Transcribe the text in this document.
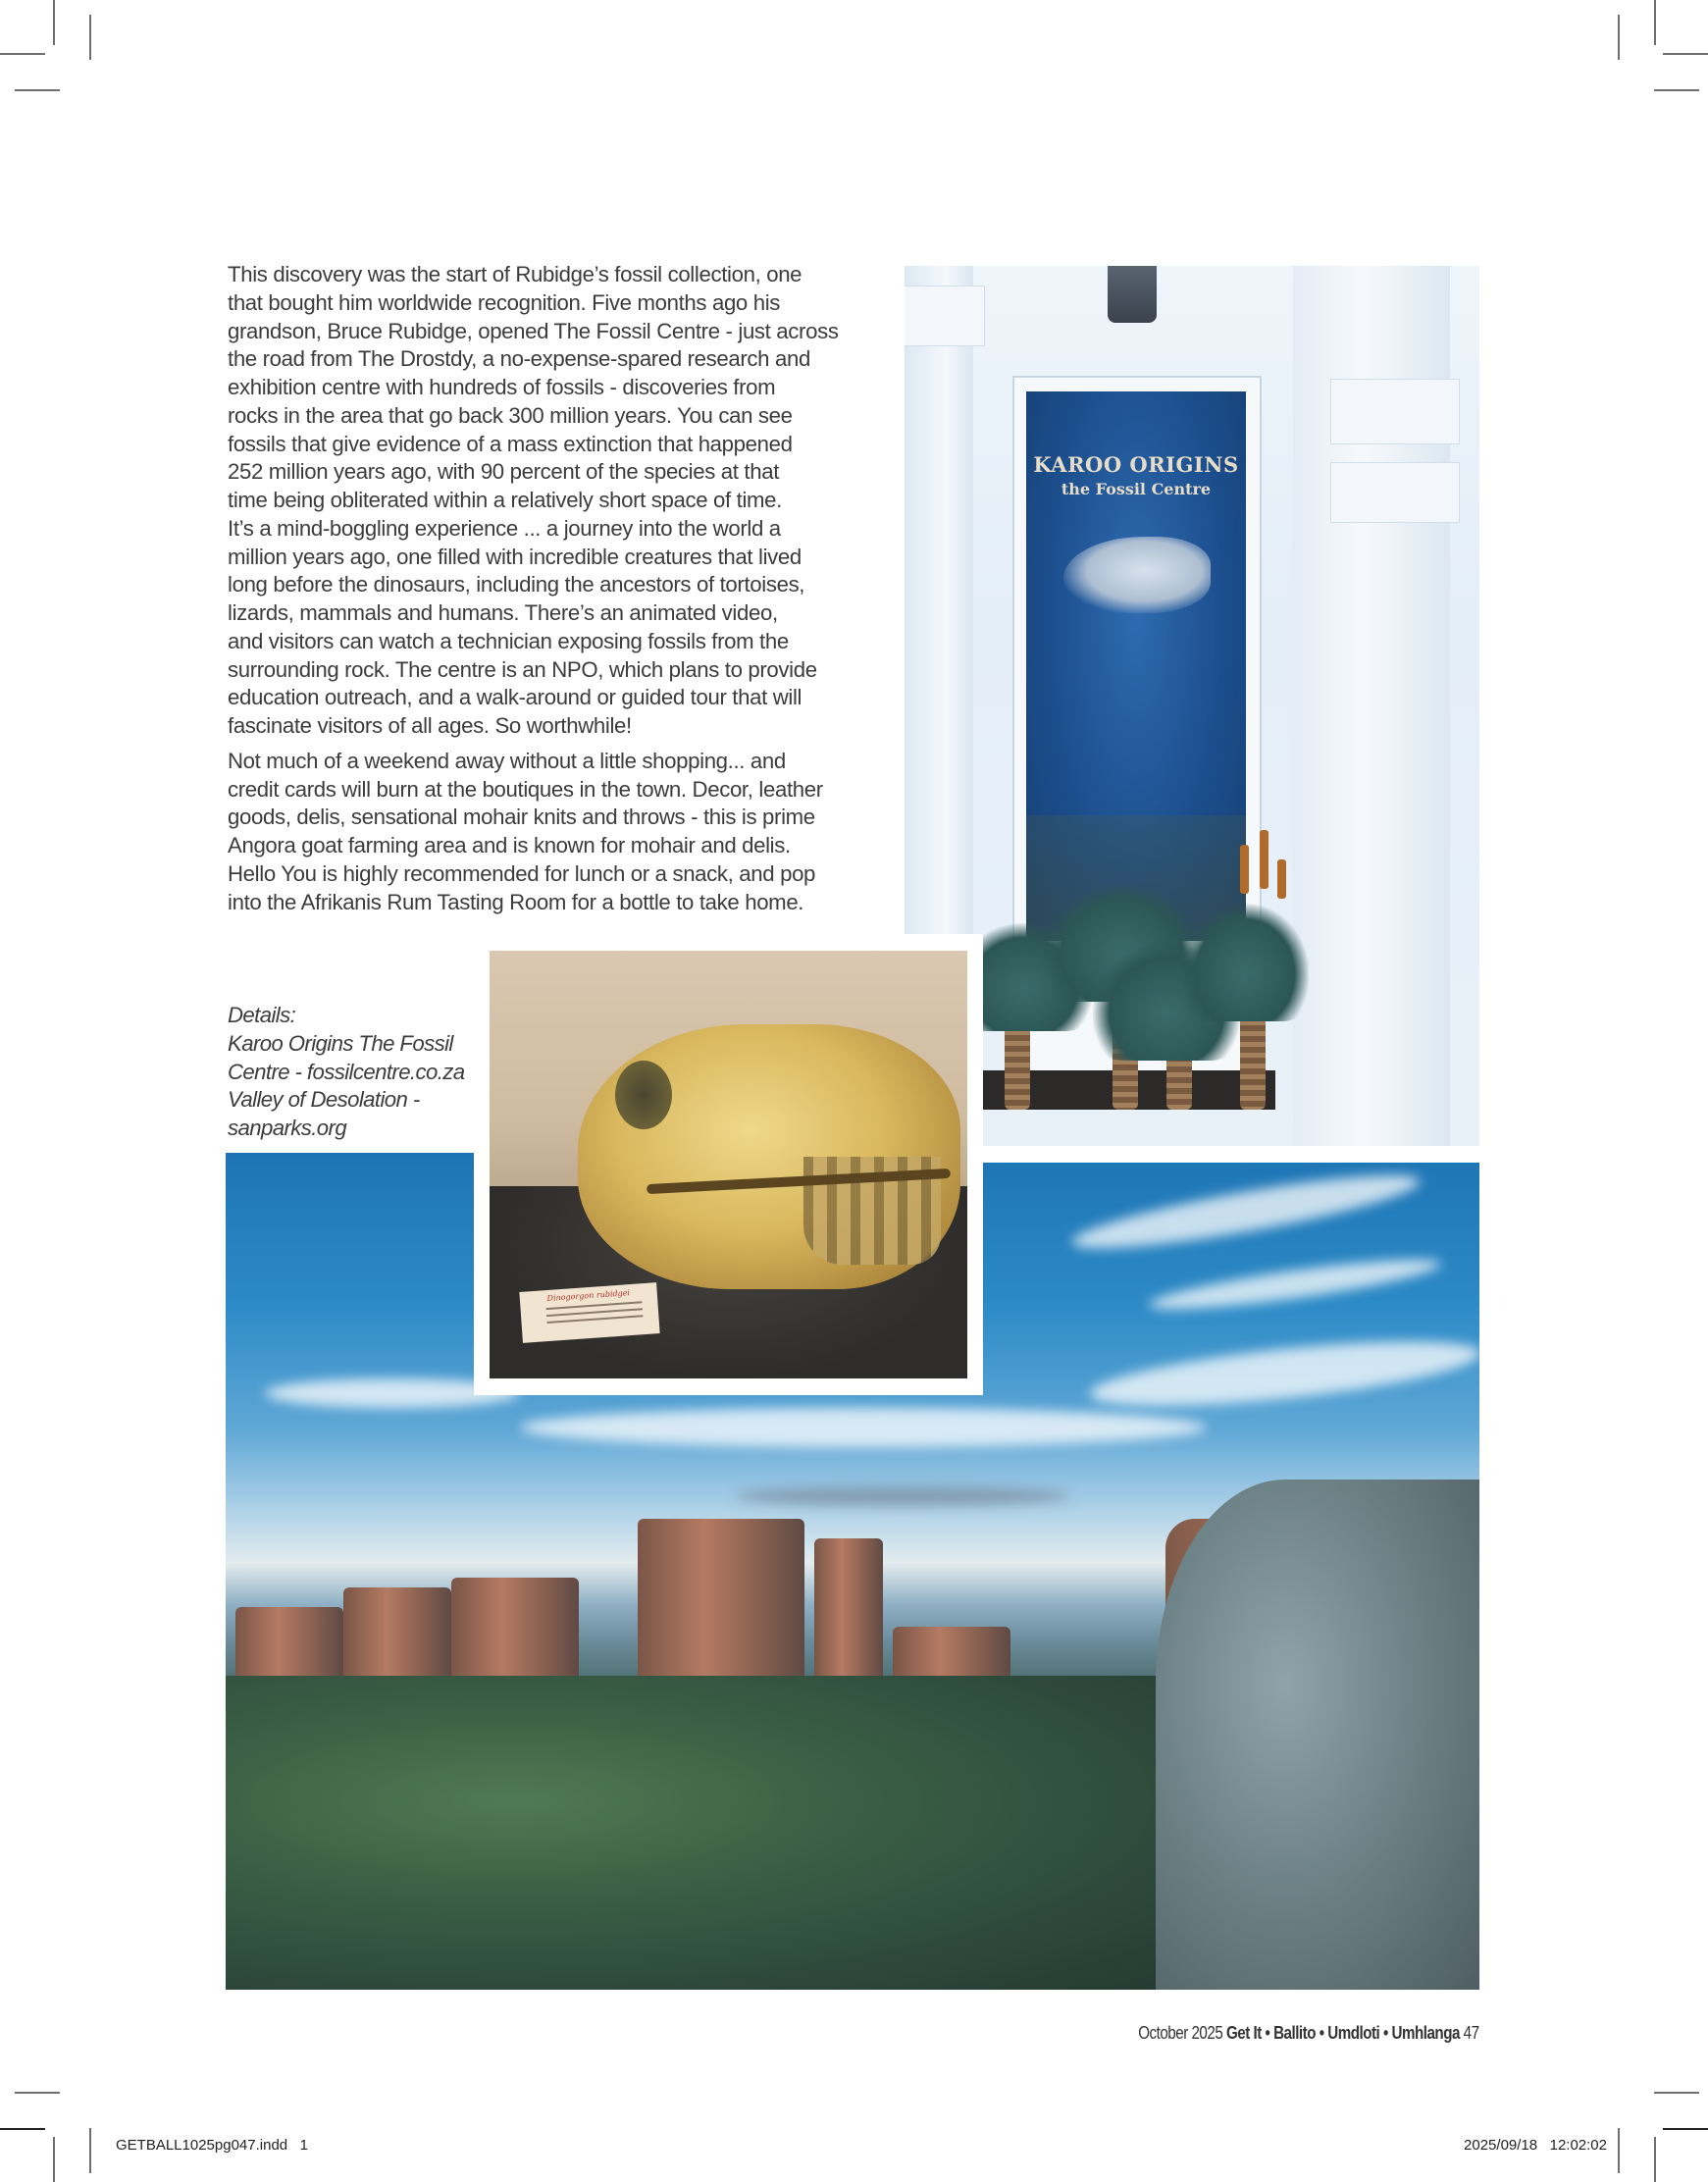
This discovery was the start of Rubidge’s fossil collection, one
that bought him worldwide recognition. Five months ago his
grandson, Bruce Rubidge, opened The Fossil Centre - just across
the road from The Drostdy, a no-expense-spared research and
exhibition centre with hundreds of fossils - discoveries from
rocks in the area that go back 300 million years. You can see
fossils that give evidence of a mass extinction that happened
252 million years ago, with 90 percent of the species at that
time being obliterated within a relatively short space of time.
It’s a mind-boggling experience ... a journey into the world a
million years ago, one filled with incredible creatures that lived
long before the dinosaurs, including the ancestors of tortoises,
lizards, mammals and humans. There’s an animated video,
and visitors can watch a technician exposing fossils from the
surrounding rock. The centre is an NPO, which plans to provide
education outreach, and a walk-around or guided tour that will
fascinate visitors of all ages. So worthwhile!

Not much of a weekend away without a little shopping... and
credit cards will burn at the boutiques in the town. Decor, leather
goods, delis, sensational mohair knits and throws - this is prime
Angora goat farming area and is known for mohair and delis.
Hello You is highly recommended for lunch or a snack, and pop
into the Afrikanis Rum Tasting Room for a bottle to take home.

KAROO ORIGINS
the Fossil Centre
Dinogorgon rubidgei
Details:
Karoo Origins The Fossil
Centre - fossilcentre.co.za
Valley of Desolation -
sanparks.org
October 2025 Get It • Ballito • Umdloti • Umhlanga 47
GETBALL1025pg047.indd   1	2025/09/18   12:02:02
